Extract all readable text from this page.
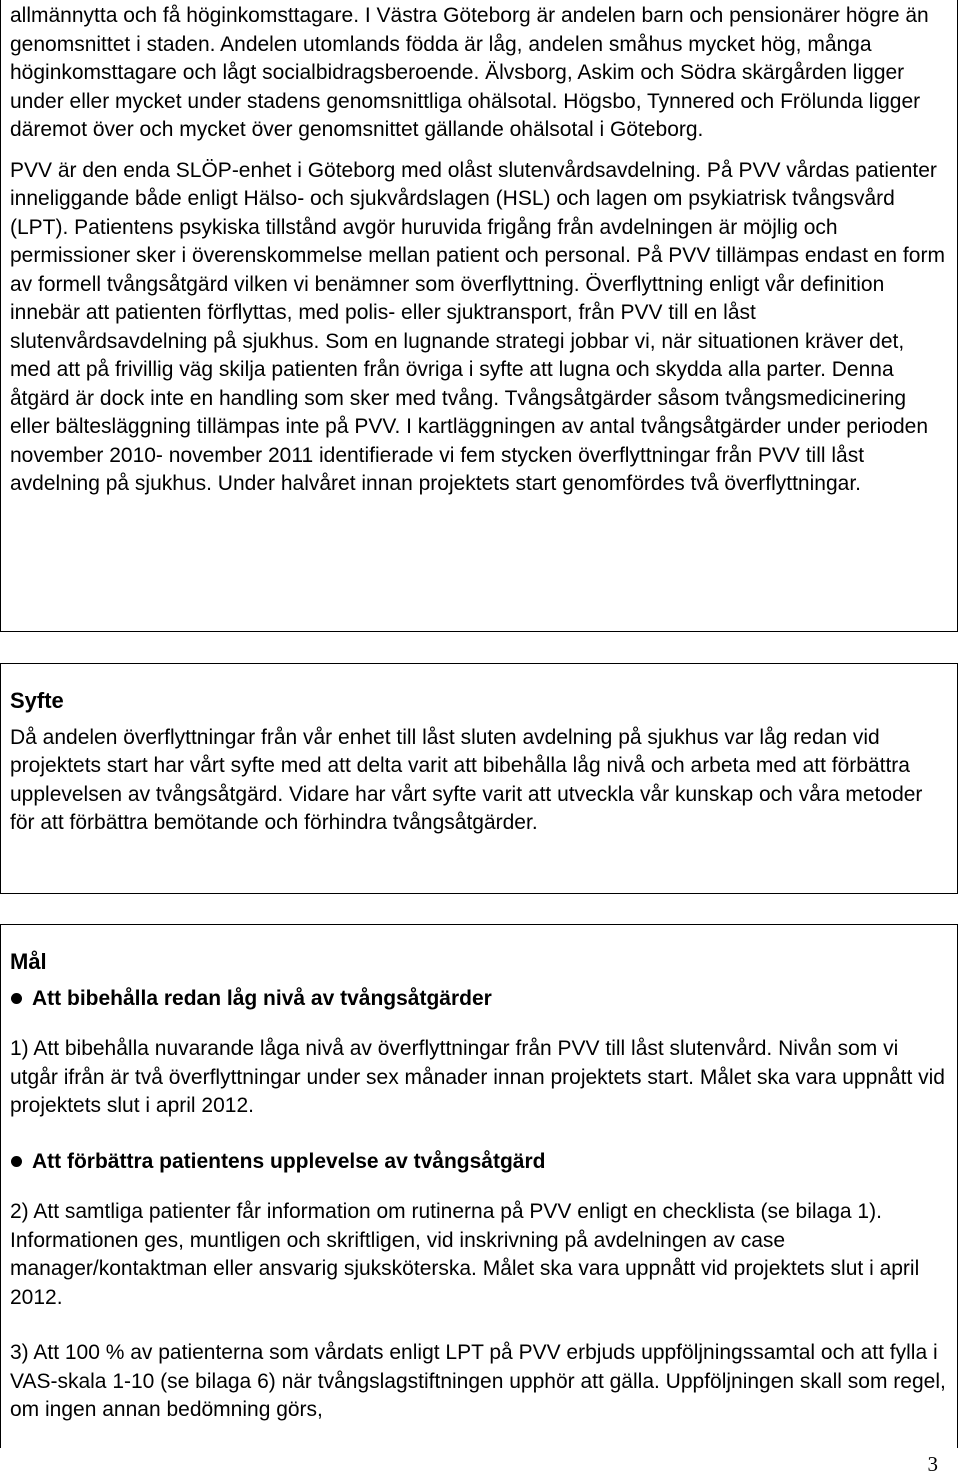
allmännytta och få höginkomsttagare. I Västra Göteborg är andelen barn och pensionärer högre än genomsnittet i staden. Andelen utomlands födda är låg, andelen småhus mycket hög, många höginkomsttagare och lågt socialbidragsberoende. Älvsborg, Askim och Södra skärgården ligger under eller mycket under stadens genomsnittliga ohälsotal. Högsbo, Tynnered och Frölunda ligger däremot över och mycket över genomsnittet gällande ohälsotal i Göteborg.

PVV är den enda SLÖP-enhet i Göteborg med olåst slutenvårdsavdelning. På PVV vårdas patienter inneliggande både enligt Hälso- och sjukvårdslagen (HSL) och lagen om psykiatrisk tvångsvård (LPT). Patientens psykiska tillstånd avgör huruvida frigång från avdelningen är möjlig och permissioner sker i överenskommelse mellan patient och personal. På PVV tillämpas endast en form av formell tvångsåtgärd vilken vi benämner som överflyttning. Överflyttning enligt vår definition innebär att patienten förflyttas, med polis- eller sjuktransport, från PVV till en låst slutenvårdsavdelning på sjukhus. Som en lugnande strategi jobbar vi, när situationen kräver det, med att på frivillig väg skilja patienten från övriga i syfte att lugna och skydda alla parter. Denna åtgärd är dock inte en handling som sker med tvång. Tvångsåtgärder såsom tvångsmedicinering eller bältesläggning tillämpas inte på PVV. I kartläggningen av antal tvångsåtgärder under perioden november 2010- november 2011 identifierade vi fem stycken överflyttningar från PVV till låst avdelning på sjukhus. Under halvåret innan projektets start genomfördes två överflyttningar.

Syfte

Då andelen överflyttningar från vår enhet till låst sluten avdelning på sjukhus var låg redan vid projektets start har vårt syfte med att delta varit att bibehålla låg nivå och arbeta med att förbättra upplevelsen av tvångsåtgärd. Vidare har vårt syfte varit att utveckla vår kunskap och våra metoder för att förbättra bemötande och förhindra tvångsåtgärder.

Mål

Att bibehålla redan låg nivå av tvångsåtgärder

1) Att bibehålla nuvarande låga nivå av överflyttningar från PVV till låst slutenvård. Nivån som vi utgår ifrån är två överflyttningar under sex månader innan projektets start. Målet ska vara uppnått vid projektets slut i april 2012.

Att förbättra patientens upplevelse av tvångsåtgärd

2) Att samtliga patienter får information om rutinerna på PVV enligt en checklista (se bilaga 1). Informationen ges, muntligen och skriftligen, vid inskrivning på avdelningen av case manager/kontaktman eller ansvarig sjuksköterska. Målet ska vara uppnått vid projektets slut i april 2012.

3) Att 100 % av patienterna som vårdats enligt LPT på PVV erbjuds uppföljningssamtal och att fylla i VAS-skala 1-10 (se bilaga 6) när tvångslagstiftningen upphör att gälla. Uppföljningen skall som regel, om ingen annan bedömning görs,

3
